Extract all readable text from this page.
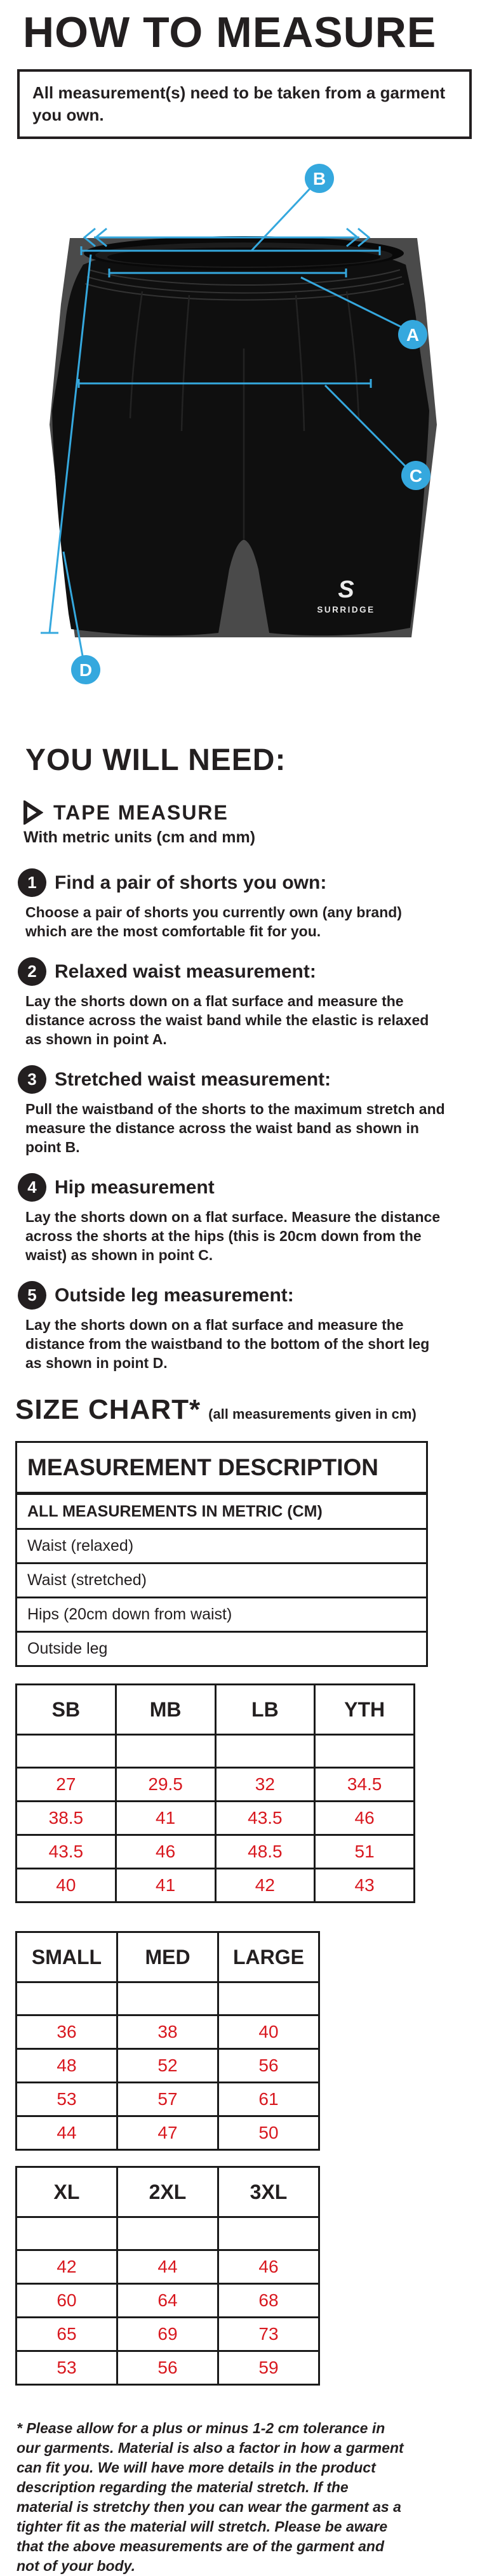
HOW TO MEASURE
All measurement(s) need to be taken from a garment you own.
S
SURRIDGE
B
A
C
D
YOU WILL NEED:
TAPE MEASURE
With metric units (cm and mm)
1 Find a pair of shorts you own:
Choose a pair of shorts you currently own (any brand) which are the most comfortable fit for you.
2 Relaxed waist measurement:
Lay the shorts down on a flat surface and measure the distance across the waist band while the elastic is relaxed as shown in point A.
3 Stretched waist measurement:
Pull the waistband of the shorts to the maximum stretch and measure the distance across the waist band as shown in point B.
4 Hip measurement
Lay the shorts down on a flat surface. Measure the distance across the shorts at the hips (this is 20cm down from the waist) as shown in point C.
5 Outside leg measurement:
Lay the shorts down on a flat surface and measure the distance from the waistband to the bottom of the short leg as shown in point D.
SIZE CHART* (all measurements given in cm)
MEASUREMENT DESCRIPTION
ALL MEASUREMENTS IN METRIC (CM)
Waist (relaxed)
Waist (stretched)
Hips (20cm down from waist)
Outside leg
SB	MB	LB	YTH

27	29.5	32	34.5
38.5	41	43.5	46
43.5	46	48.5	51
40	41	42	43
SMALL	MED	LARGE

36	38	40
48	52	56
53	57	61
44	47	50
XL	2XL	3XL

42	44	46
60	64	68
65	69	73
53	56	59
* Please allow for a plus or minus 1-2 cm tolerance in our garments. Material is also a factor in how a garment can fit you. We will have more details in the product description regarding the material stretch. If the material is stretchy then you can wear the garment as a tighter fit as the material will stretch. Please be aware that the above measurements are of the garment and not of your body.
